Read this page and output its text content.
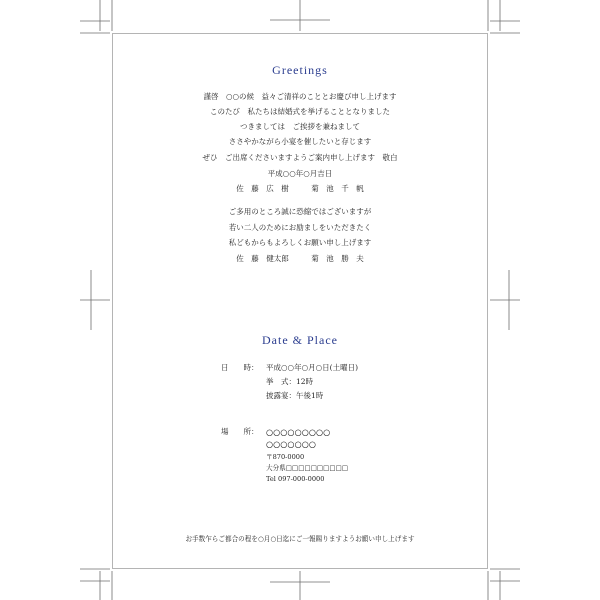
Greetings
謹啓　○○の候　益々ご清祥のこととお慶び申し上げます
このたび　私たちは結婚式を挙げることとなりました
つきましては　ご挨拶を兼ねまして
ささやかながら小宴を催したいと存じます
ぜひ　ご出席くださいますようご案内申し上げます　敬白
平成○○年○月吉日
佐　藤　広　樹　　　菊　池　千　帆
ご多用のところ誠に恐縮ではございますが
若い二人のためにお励ましをいただきたく
私どもからもよろしくお願い申し上げます
佐　藤　健太郎　　　菊　池　勝　夫
Date & Place
日　　時： 平成○○年○月○日(土曜日)
挙　式：12時
披露宴：午後1時
場　　所： ○○○○○○○○○
○○○○○○○
〒870-0000
大分県□□□□□□□□□□
Tel 097-000-0000
お手数乍らご都合の程を○月○日迄にご一報賜りますようお願い申し上げます
